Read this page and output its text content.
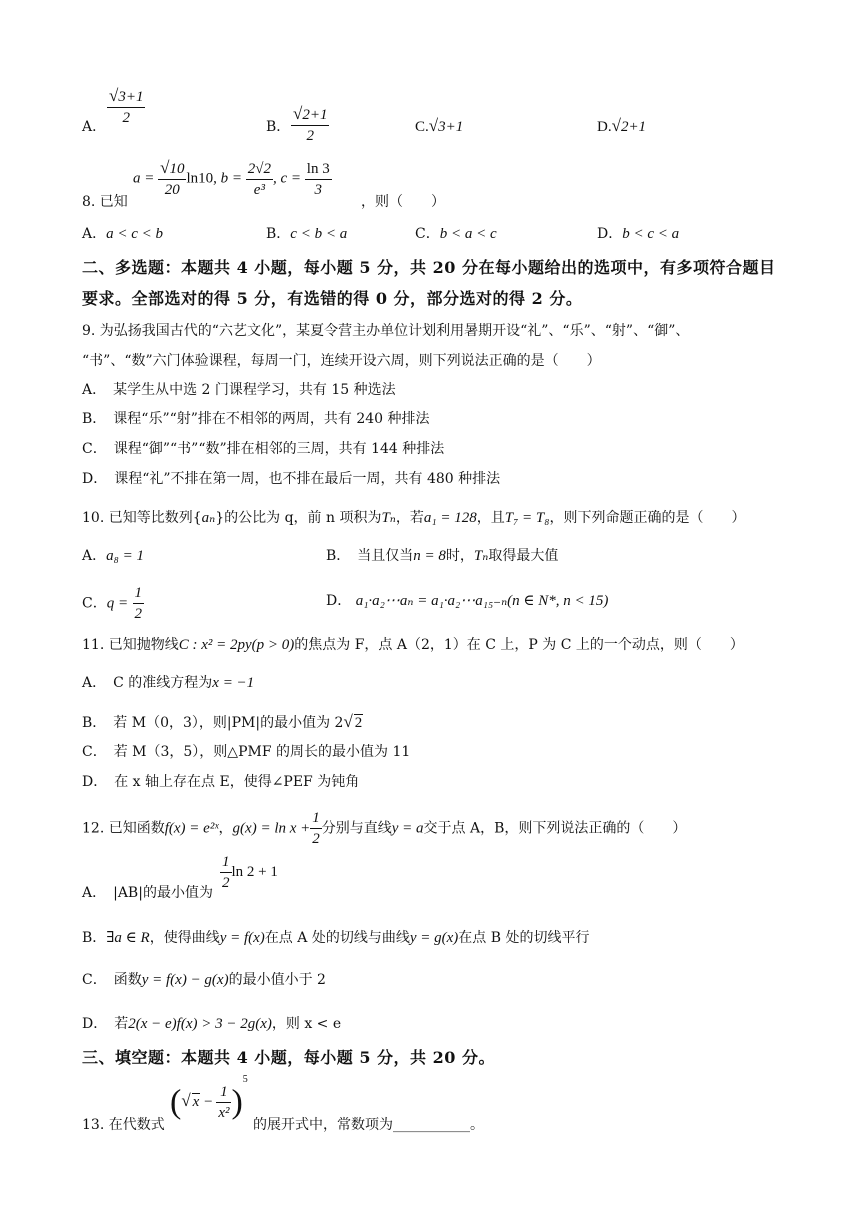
A． $\frac{√3+1}{2}$	B． $\frac{√2+1}{2}$	C.√3+1	D.√2+1
8. 已知
$a = \frac{√10}{20} \ln 10$, $b = \frac{2√2}{\text{e³}}$ , $c = \frac{\ln 3}{3}$
，则（　　）
A．a < c < b	B．c < b < a	C．b < a < c	D．b < c < a
二、多选题：本题共 4 小题，每小题 5 分，共 20 分在每小题给出的选项中，有多项符合题目
要求。全部选对的得 5 分，有选错的得 0 分，部分选对的得 2 分。
9. 为弘扬我国古代的“六艺文化”，某夏令营主办单位计划利用暑期开设“礼”、“乐”、“射”、“御”、
“书”、“数”六门体验课程，每周一门，连续开设六周，则下列说法正确的是（　　）
A．　某学生从中选 2 门课程学习，共有 15 种选法
B．　课程“乐”“射”排在不相邻的两周，共有 240 种排法
C．　课程“御”“书”“数”排在相邻的三周，共有 144 种排法
D．　课程“礼”不排在第一周，也不排在最后一周，共有 480 种排法
10. 已知等比数列{aₙ}的公比为 q，前 n 项积为Tₙ，若a₁ = 128，且T₇ = T₈，则下列命题正确的是（　　）
A．a₈ = 1	B．　当且仅当n = 8时，Tₙ取得最大值
C．$q = \frac{1}{2}$	D． a₁·a₂⋯aₙ = a₁·a₂⋯a₁₅₋ₙ(n ∈ N*, n < 15)
11. 已知抛物线C : x² = 2py(p > 0)的焦点为 F，点 A（2，1）在 C 上，P 为 C 上的一个动点，则（　　）
A．　C 的准线方程为x = −1
B．　若 M（0，3），则|PM|的最小值为 2√ 2
C．　若 M（3，5），则△PMF 的周长的最小值为 11
D．　在 x 轴上存在点 E，使得∠PEF 为钝角
12. 已知函数f(x) = e²ˣ，$g(x) = \ln x + \frac{1}{2}$ 分别与直线y = a交于点 A，B，则下列说法正确的（　　）
A．　|AB|的最小值为 $\frac{1}{2}$ ln 2 + 1
B．∃a ∈ R，使得曲线y = f(x)在点 A 处的切线与曲线y = g(x)在点 B 处的切线平行
C．　函数y = f(x) − g(x)的最小值小于 2
D．　若2(x − e)f(x) > 3 − 2g(x)，则 x < e
三、填空题：本题共 4 小题，每小题 5 分，共 20 分。
13. 在代数式
(√ $x - \frac{1}{\text{x²}} )^5$
的展开式中，常数项为___________。
